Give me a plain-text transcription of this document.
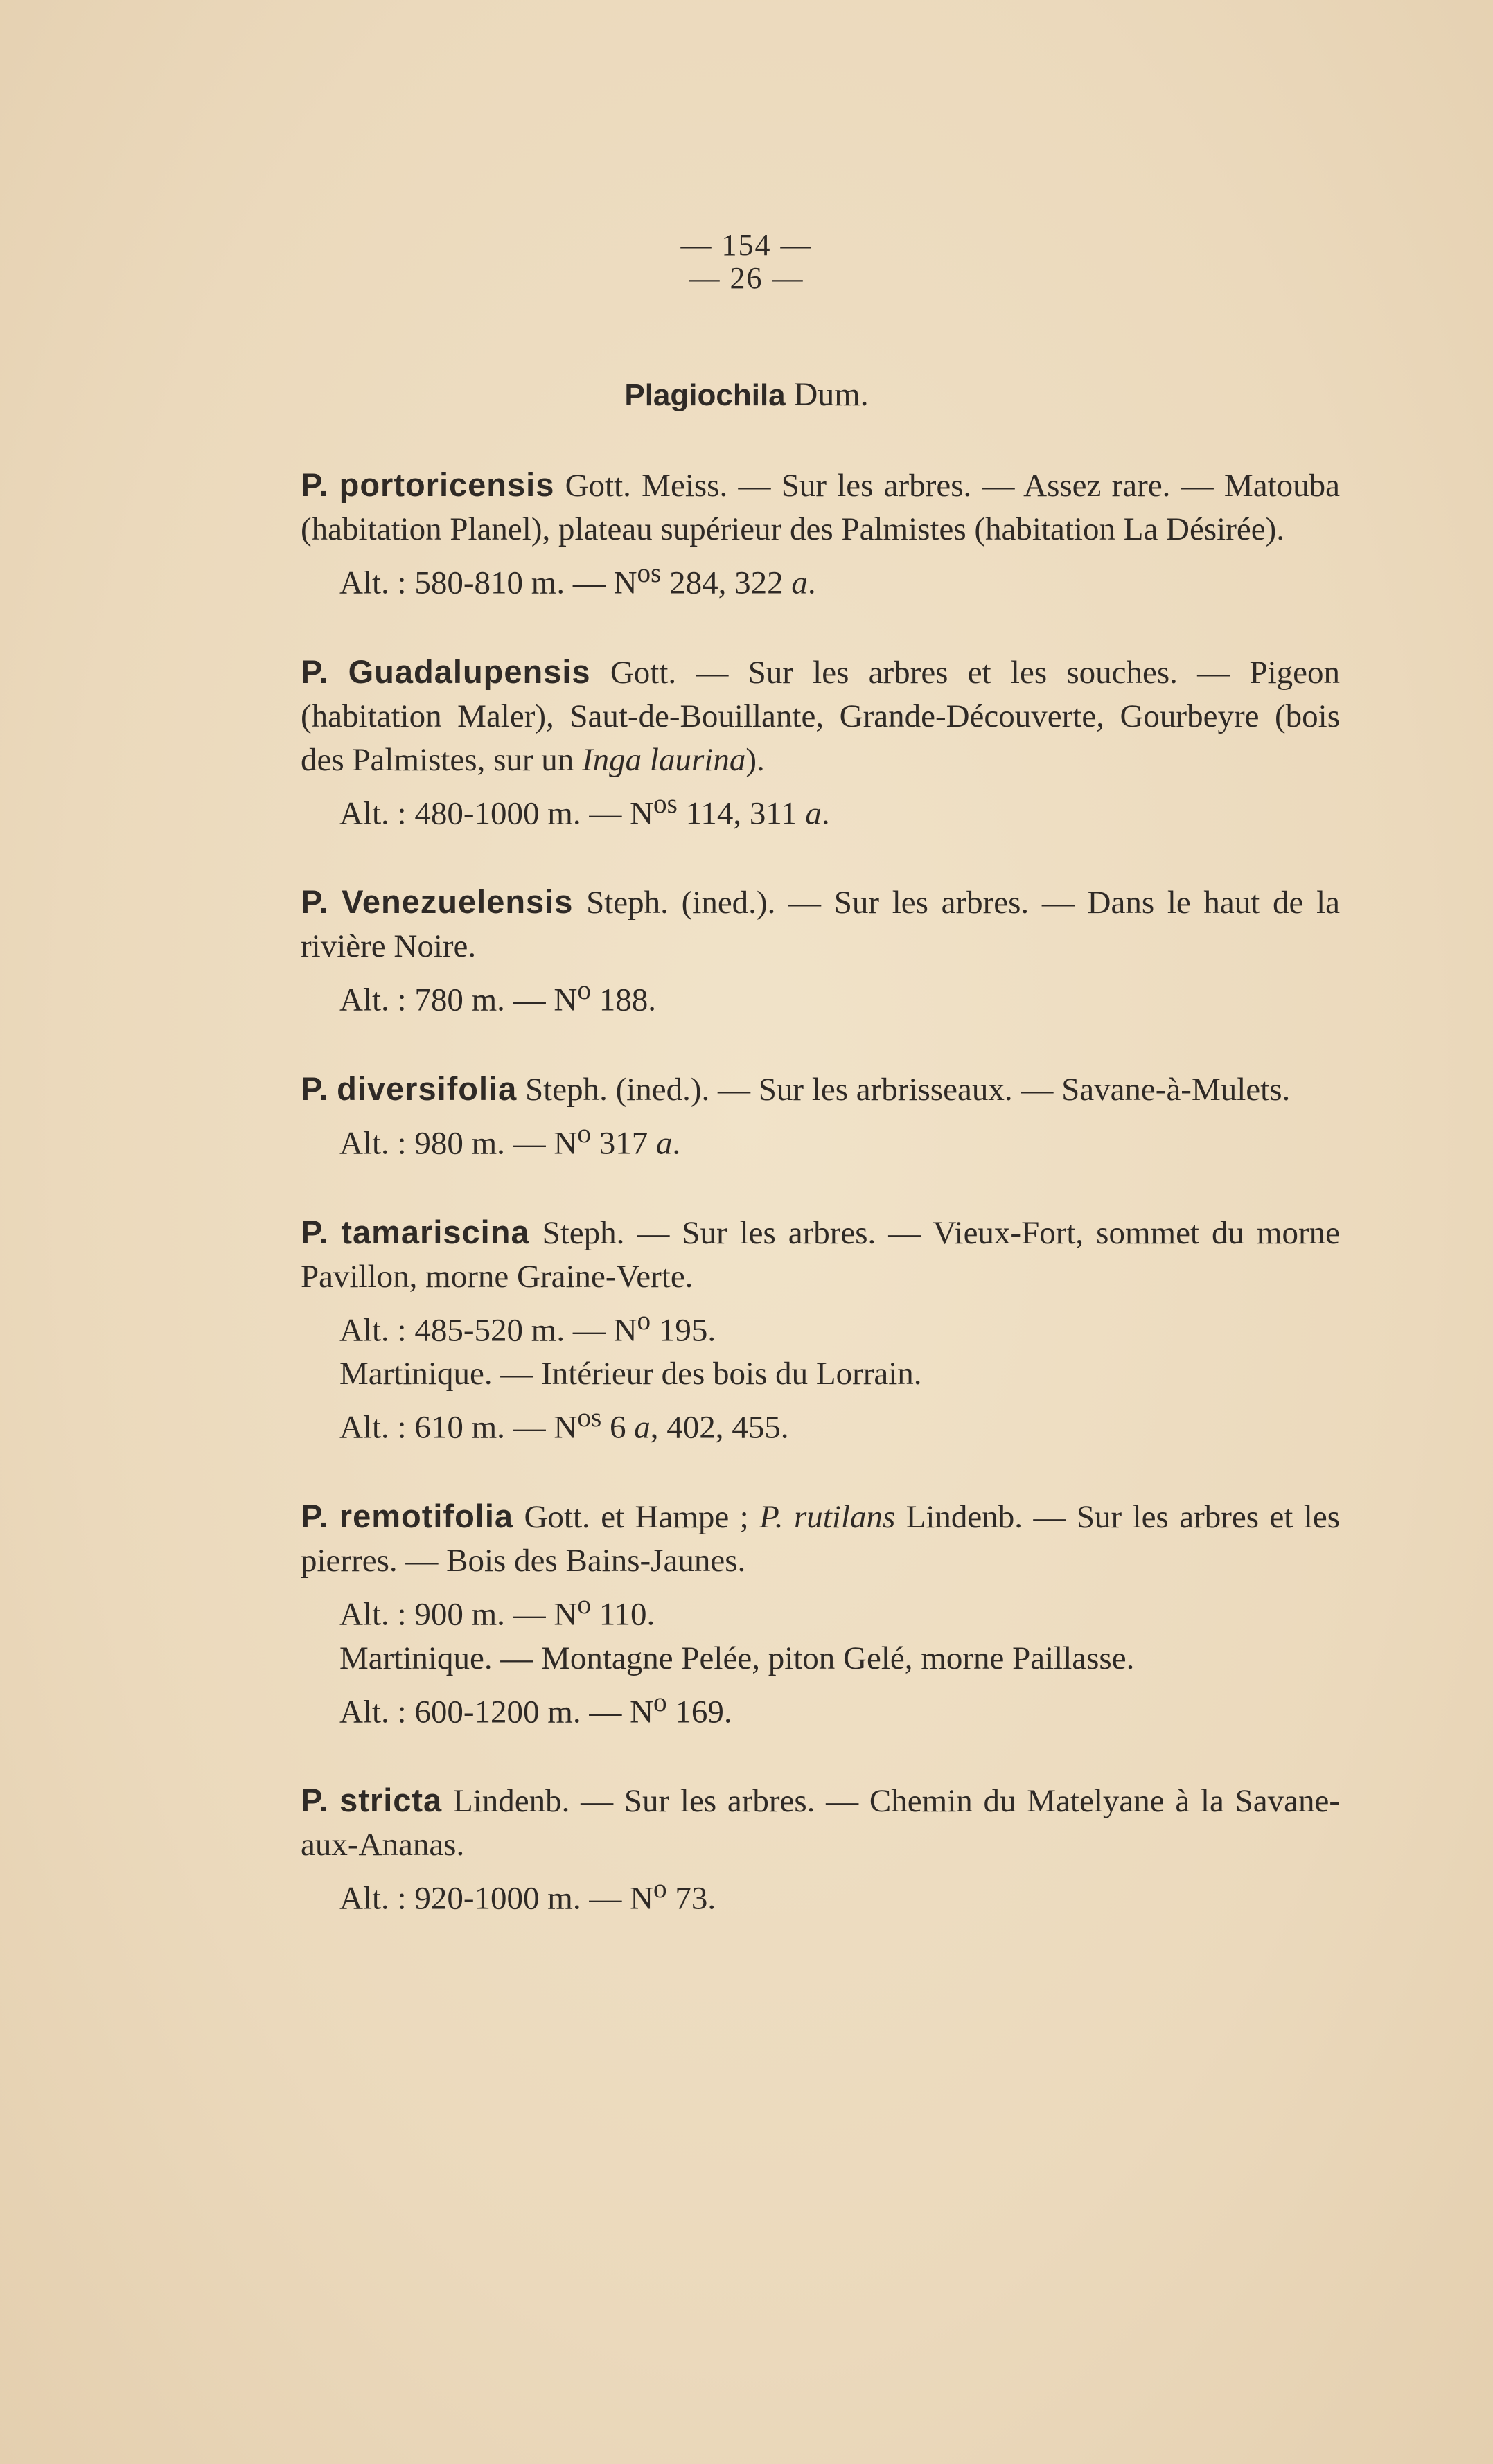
— 154 —
— 26 —
Plagiochila Dum.

P. portoricensis Gott. Meiss. — Sur les arbres. — Assez rare. — Matouba (habitation Planel), plateau supérieur des Palmistes (habitation La Désirée).

Alt. : 580-810 m. — $N^{os}$ 284, 322 a.

P. Guadalupensis Gott. — Sur les arbres et les souches. — Pigeon (habitation Maler), Saut-de-Bouillante, Grande-Découverte, Gourbeyre (bois des Palmistes, sur un Inga laurina).

Alt. : 480-1000 m. — $N^{os}$ 114, 311 a.

P. Venezuelensis Steph. (ined.). — Sur les arbres. — Dans le haut de la rivière Noire.

Alt. : 780 m. — $N^o$ 188.

P. diversifolia Steph. (ined.). — Sur les arbrisseaux. — Savane-à-Mulets.

Alt. : 980 m. — $N^o$ 317 a.

P. tamariscina Steph. — Sur les arbres. — Vieux-Fort, sommet du morne Pavillon, morne Graine-Verte.

Alt. : 485-520 m. — $N^o$ 195.

Martinique. — Intérieur des bois du Lorrain.

Alt. : 610 m. — $N^{os}$ 6 a, 402, 455.

P. remotifolia Gott. et Hampe ; P. rutilans Lindenb. — Sur les arbres et les pierres. — Bois des Bains-Jaunes.

Alt. : 900 m. — $N^o$ 110.

Martinique. — Montagne Pelée, piton Gelé, morne Paillasse.

Alt. : 600-1200 m. — $N^o$ 169.

P. stricta Lindenb. — Sur les arbres. — Chemin du Matelyane à la Savane-aux-Ananas.

Alt. : 920-1000 m. — $N^o$ 73.
